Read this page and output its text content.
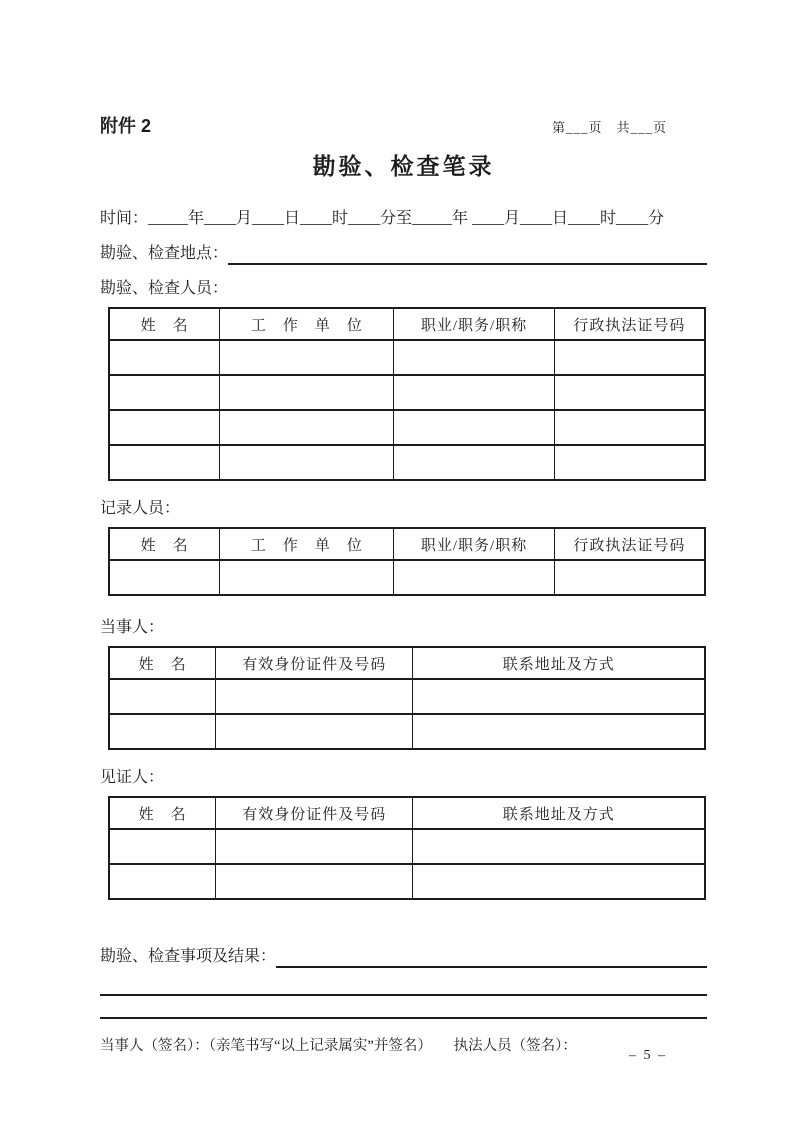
附件 2	第___页　共___页
勘验、检查笔录
时间：_____年____月____日____时____分至_____年 ____月____日____时____分
勘验、检查地点：
勘验、检查人员：
姓　名	工　作　单　位	职业/职务/职称	行政执法证号码

记录人员：
姓　名	工　作　单　位	职业/职务/职称	行政执法证号码

当事人：
姓　名	有效身份证件及号码	联系地址及方式

见证人：
姓　名	有效身份证件及号码	联系地址及方式

勘验、检查事项及结果：
当事人（签名）：（亲笔书写“以上记录属实”并签名）　　执法人员（签名）：
– 5 –
